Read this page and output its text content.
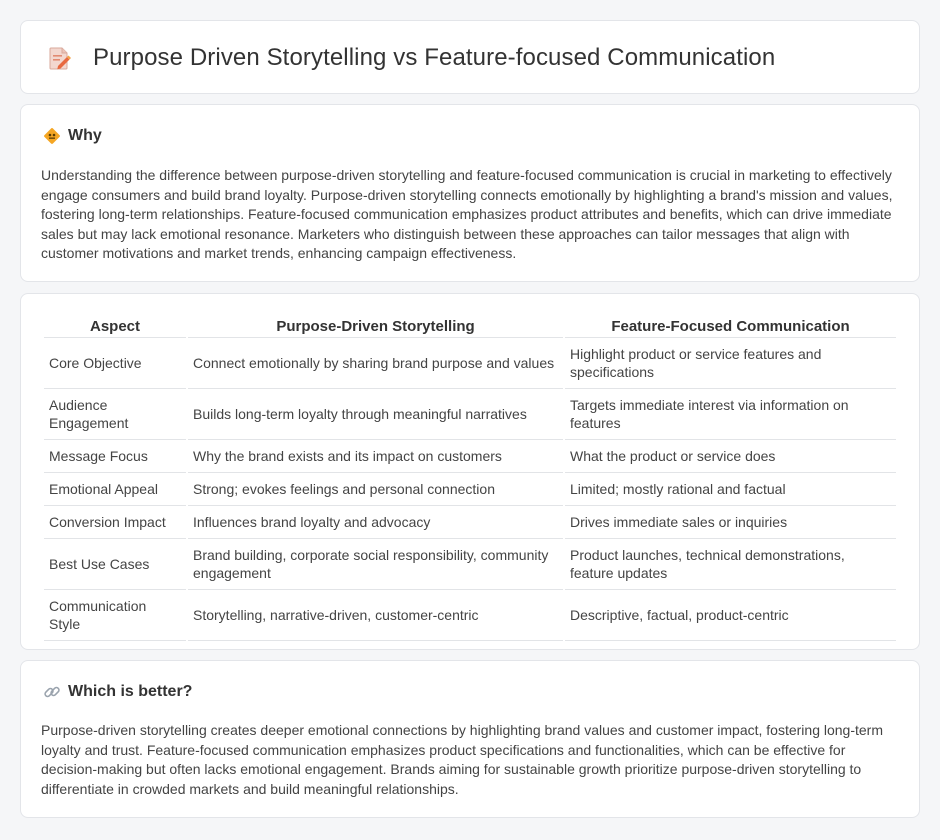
Purpose Driven Storytelling vs Feature-focused Communication
Why

Understanding the difference between purpose-driven storytelling and feature-focused communication is crucial in marketing to effectively engage consumers and build brand loyalty. Purpose-driven storytelling connects emotionally by highlighting a brand's mission and values, fostering long-term relationships. Feature-focused communication emphasizes product attributes and benefits, which can drive immediate sales but may lack emotional resonance. Marketers who distinguish between these approaches can tailor messages that align with customer motivations and market trends, enhancing campaign effectiveness.

Aspect	Purpose-Driven Storytelling	Feature-Focused Communication
Core Objective	Connect emotionally by sharing brand purpose and values	Highlight product or service features and specifications
Audience Engagement	Builds long-term loyalty through meaningful narratives	Targets immediate interest via information on features
Message Focus	Why the brand exists and its impact on customers	What the product or service does
Emotional Appeal	Strong; evokes feelings and personal connection	Limited; mostly rational and factual
Conversion Impact	Influences brand loyalty and advocacy	Drives immediate sales or inquiries
Best Use Cases	Brand building, corporate social responsibility, community engagement	Product launches, technical demonstrations, feature updates
Communication Style	Storytelling, narrative-driven, customer-centric	Descriptive, factual, product-centric
Which is better?

Purpose-driven storytelling creates deeper emotional connections by highlighting brand values and customer impact, fostering long-term loyalty and trust. Feature-focused communication emphasizes product specifications and functionalities, which can be effective for decision-making but often lacks emotional engagement. Brands aiming for sustainable growth prioritize purpose-driven storytelling to differentiate in crowded markets and build meaningful relationships.
